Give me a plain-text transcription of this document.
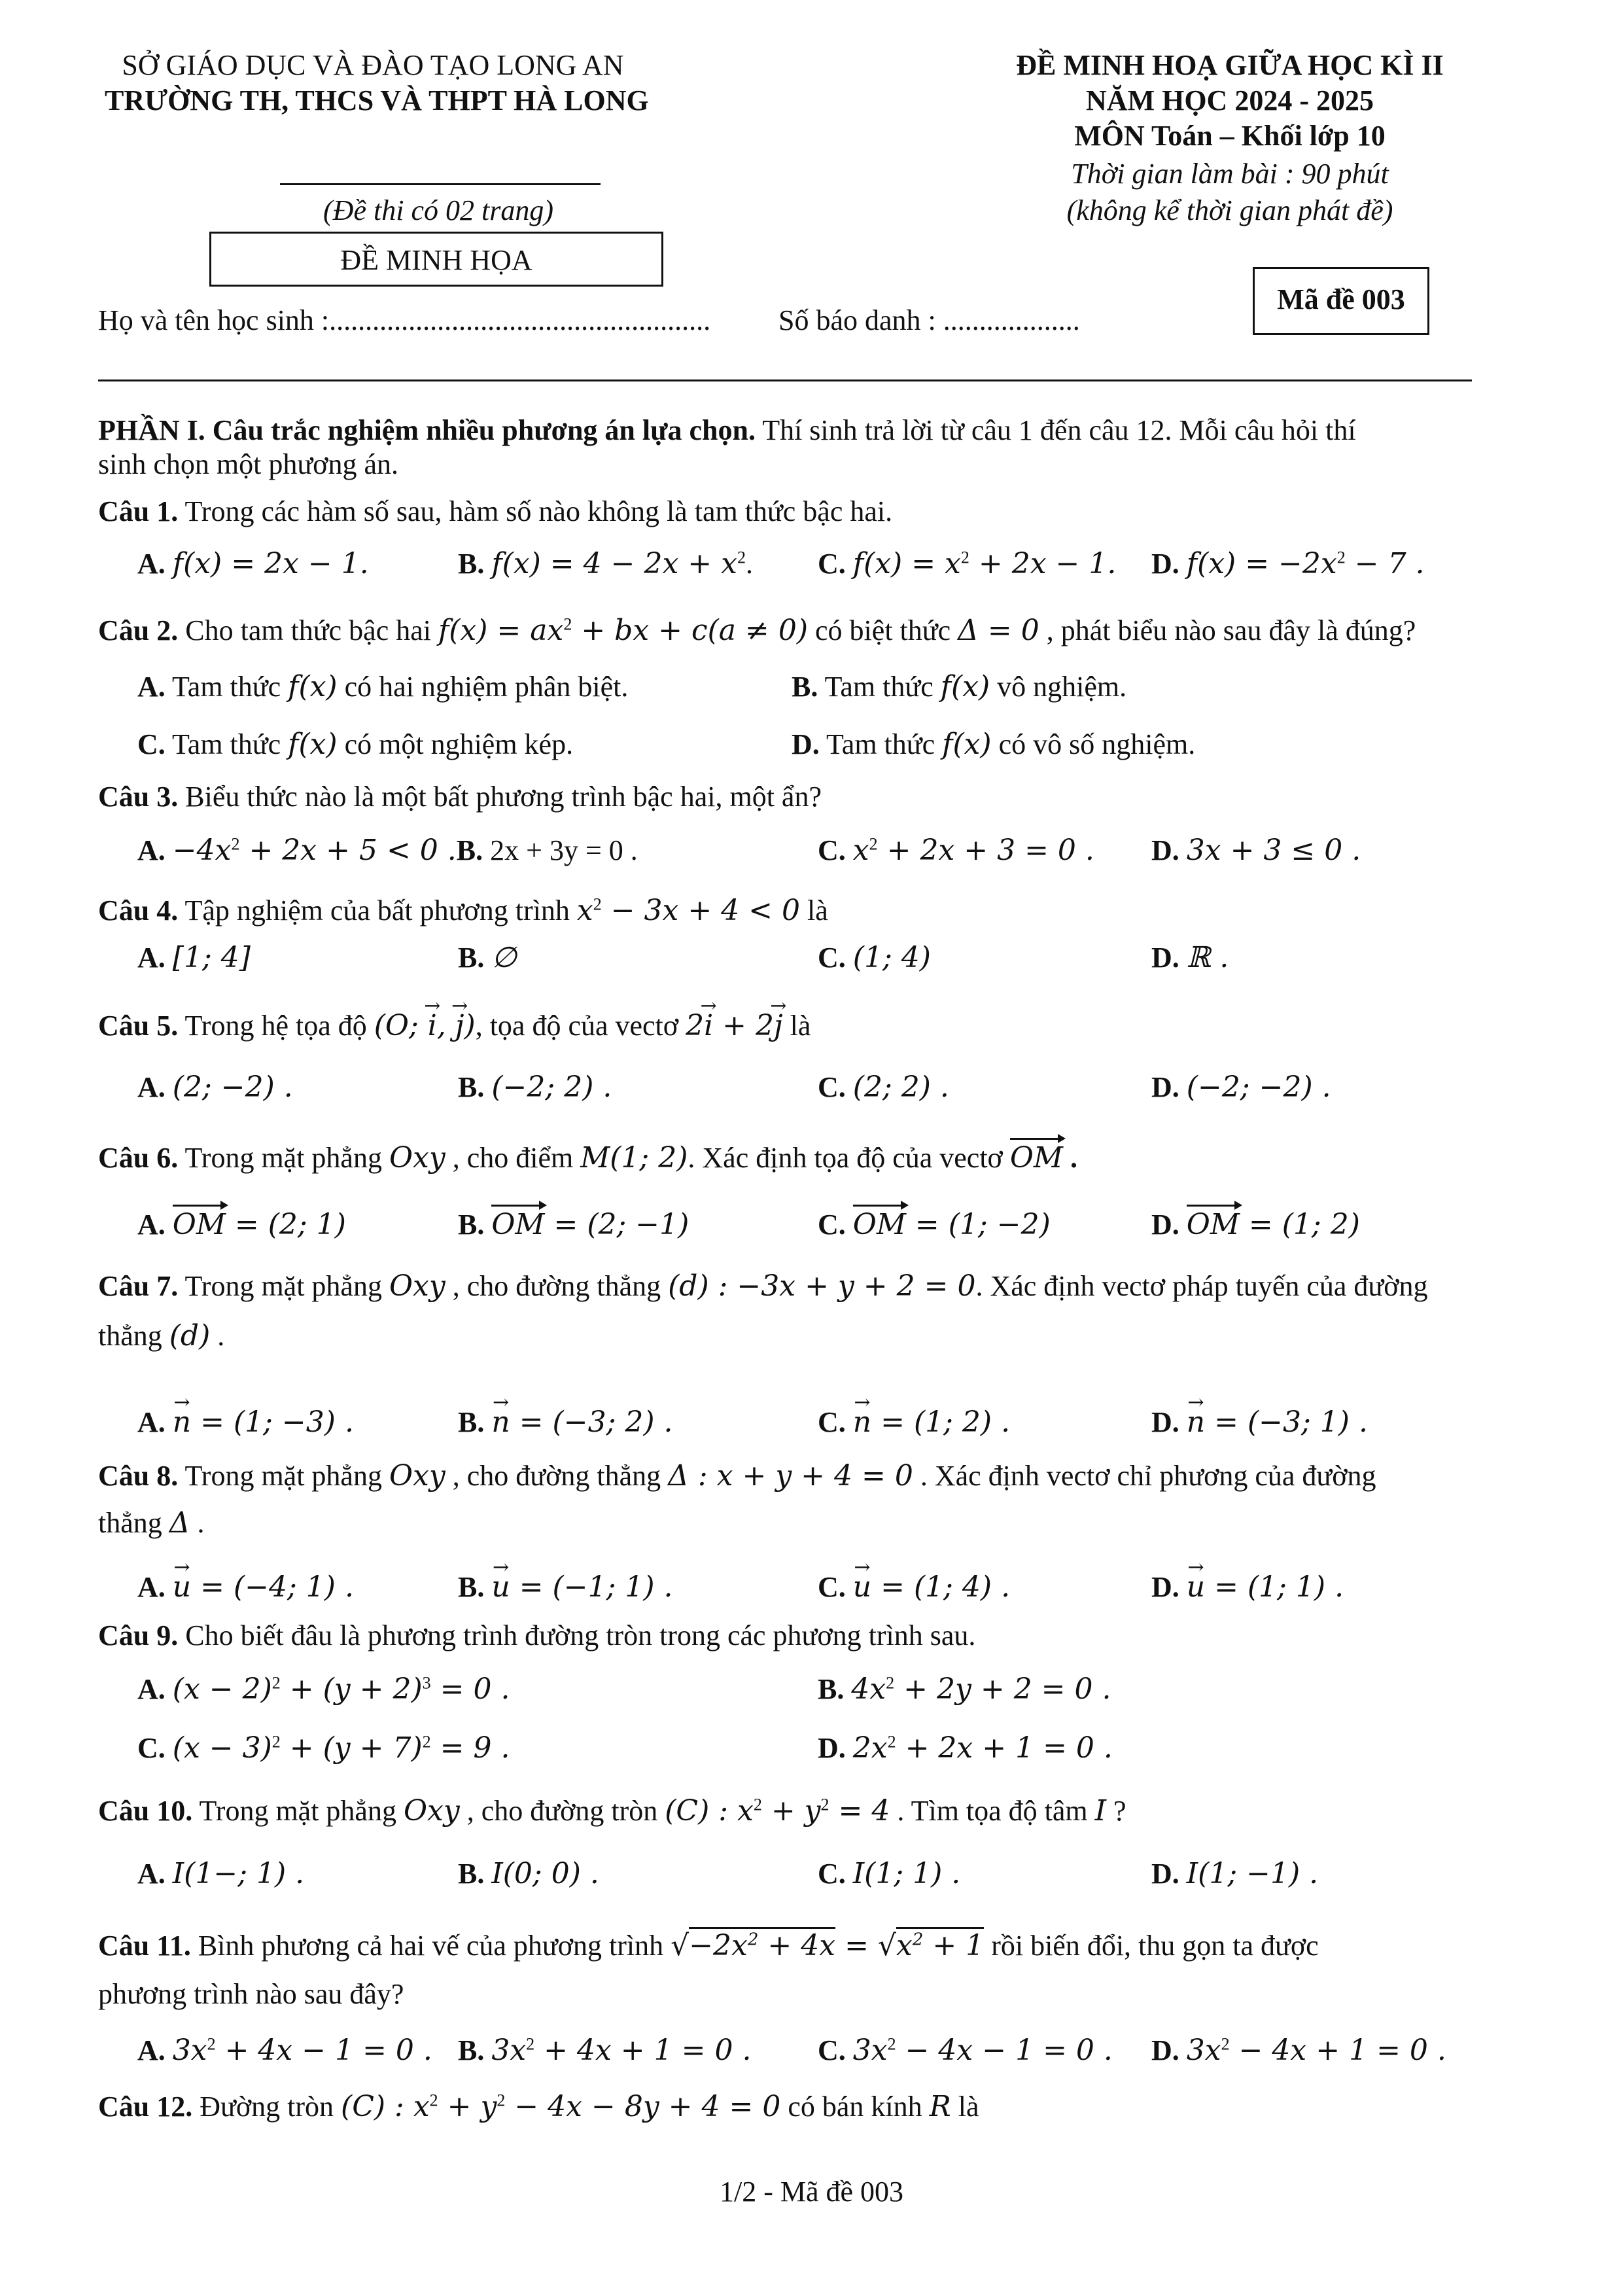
SỞ GIÁO DỤC VÀ ĐÀO TẠO LONG AN
TRƯỜNG TH, THCS VÀ THPT HÀ LONG
(Đề thi có 02 trang)
ĐỀ MINH HỌA
ĐỀ MINH HOẠ GIỮA HỌC KÌ II
NĂM HỌC 2024 - 2025
MÔN Toán – Khối lớp 10
Thời gian làm bài : 90 phút
(không kể thời gian phát đề)
Mã đề 003
Họ và tên học sinh :..................................................... Số báo danh : ...................
PHẦN I. Câu trắc nghiệm nhiều phương án lựa chọn. Thí sinh trả lời từ câu 1 đến câu 12. Mỗi câu hỏi thí
sinh chọn một phương án.
Câu 1. Trong các hàm số sau, hàm số nào không là tam thức bậc hai.
A. f(x) = 2x − 1.	B. $f(x) = 4 - 2x + x^2$. C. $f(x) = x^2 + 2x - 1$. D. $f(x) = -2x^2 - 7$ .
Câu 2. Cho tam thức bậc hai $f(x) = ax^2$ + bx + c(a ≠ 0) có biệt thức Δ = 0 , phát biểu nào sau đây là đúng?
A. Tam thức f(x) có hai nghiệm phân biệt.	B. Tam thức f(x) vô nghiệm.
C. Tam thức f(x) có một nghiệm kép.	D. Tam thức f(x) có vô số nghiệm.
Câu 3. Biểu thức nào là một bất phương trình bậc hai, một ẩn?
A. $-4x^2 + 2x + 5 < 0$ .B. 2x + 3y = 0 .	C. $x^2 + 2x + 3 = 0$ . D. 3x + 3 ≤ 0 .
Câu 4. Tập nghiệm của bất phương trình $x^2 - 3x + 4 < 0$ là
A. [1; 4]	B. ∅	C. (1; 4)	D. ℝ .
Câu 5. Trong hệ tọa độ (O; → i, → j), tọa độ của vectơ 2→ i + 2→ j là
A. (2; −2) .	B. (−2; 2) .	C. (2; 2) .	D. (−2; −2) .
Câu 6. Trong mặt phẳng Oxy , cho điểm M(1; 2). Xác định tọa độ của vectơ OM .
A. OM = (2; 1)	B. OM = (2; −1)	C. OM = (1; −2)	D. OM = (1; 2)
Câu 7. Trong mặt phẳng Oxy , cho đường thẳng (d) : −3x + y + 2 = 0. Xác định vectơ pháp tuyến của đường
thẳng (d) .
A. → n = (1; −3) .	B. → n = (−3; 2) .	C. → n = (1; 2) .	D. → n = (−3; 1) .
Câu 8. Trong mặt phẳng Oxy , cho đường thẳng Δ : x + y + 4 = 0 . Xác định vectơ chỉ phương của đường
thẳng Δ .
A. → u = (−4; 1) .	B. → u = (−1; 1) .	C. → u = (1; 4) .	D. → u = (1; 1) .
Câu 9. Cho biết đâu là phương trình đường tròn trong các phương trình sau.
A. $(x - 2)^2 + (y + 2)^3 = 0$ .	B. $4x^2 + 2y + 2 = 0$ .
C. $(x - 3)^2 + (y + 7)^2 = 9$ .	D. $2x^2 + 2x + 1 = 0$ .
Câu 10. Trong mặt phẳng Oxy , cho đường tròn (C) : $x^2 + y^2 = 4$ . Tìm tọa độ tâm I ?
A. I(1−; 1) .	B. I(0; 0) .	C. I(1; 1) .	D. I(1; −1) .
Câu 11. Bình phương cả hai vế của phương trình $√-2x^2 + 4x = √x^2 + 1$ rồi biến đổi, thu gọn ta được
phương trình nào sau đây?
A. $3x^2 + 4x - 1 = 0$ . B. $3x^2 + 4x + 1 = 0$ . C. $3x^2 - 4x - 1 = 0$ . D. $3x^2 - 4x + 1 = 0$ .
Câu 12. Đường tròn (C) : $x^2 + y^2 - 4x - 8y + 4 = 0$ có bán kính R là
1/2 - Mã đề 003
